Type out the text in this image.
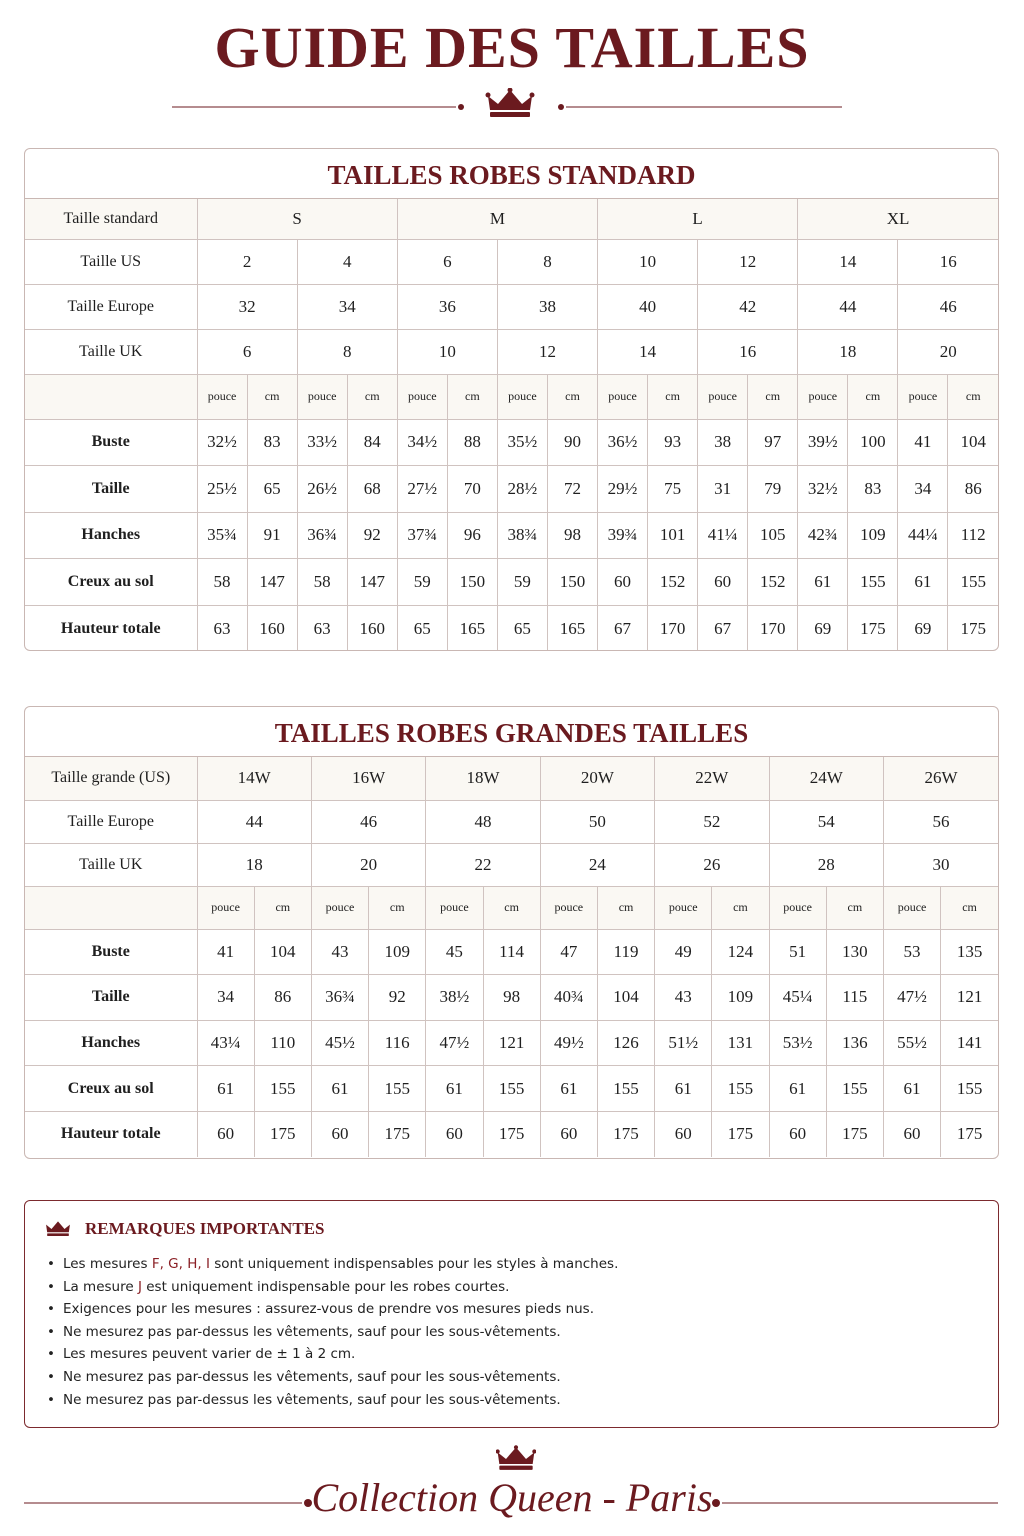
GUIDE DES TAILLES
TAILLES ROBES STANDARD
Taille standard	S				M				L				XL			
Taille US	2		4		6		8		10		12		14		16	
Taille Europe	32		34		36		38		40		42		44		46	
Taille UK	6		8		10		12		14		16		18		20	
	pouce	cm	pouce	cm	pouce	cm	pouce	cm	pouce	cm	pouce	cm	pouce	cm	pouce	cm
Buste	32½	83	33½	84	34½	88	35½	90	36½	93	38	97	39½	100	41	104
Taille	25½	65	26½	68	27½	70	28½	72	29½	75	31	79	32½	83	34	86
Hanches	35¾	91	36¾	92	37¾	96	38¾	98	39¾	101	41¼	105	42¾	109	44¼	112
Creux au sol	58	147	58	147	59	150	59	150	60	152	60	152	61	155	61	155
Hauteur totale	63	160	63	160	65	165	65	165	67	170	67	170	69	175	69	175
TAILLES ROBES GRANDES TAILLES
Taille grande (US)	14W		16W		18W		20W		22W		24W		26W	
Taille Europe	44		46		48		50		52		54		56	
Taille UK	18		20		22		24		26		28		30	
	pouce	cm	pouce	cm	pouce	cm	pouce	cm	pouce	cm	pouce	cm	pouce	cm
Buste	41	104	43	109	45	114	47	119	49	124	51	130	53	135
Taille	34	86	36¾	92	38½	98	40¾	104	43	109	45¼	115	47½	121
Hanches	43¼	110	45½	116	47½	121	49½	126	51½	131	53½	136	55½	141
Creux au sol	61	155	61	155	61	155	61	155	61	155	61	155	61	155
Hauteur totale	60	175	60	175	60	175	60	175	60	175	60	175	60	175
REMARQUES IMPORTANTES
• Les mesures F, G, H, I sont uniquement indispensables pour les styles à manches.
• La mesure J est uniquement indispensable pour les robes courtes.
• Exigences pour les mesures : assurez-vous de prendre vos mesures pieds nus.
• Ne mesurez pas par-dessus les vêtements, sauf pour les sous-vêtements.
• Les mesures peuvent varier de ± 1 à 2 cm.
• Ne mesurez pas par-dessus les vêtements, sauf pour les sous-vêtements.
• Ne mesurez pas par-dessus les vêtements, sauf pour les sous-vêtements.
Collection Queen - Paris
